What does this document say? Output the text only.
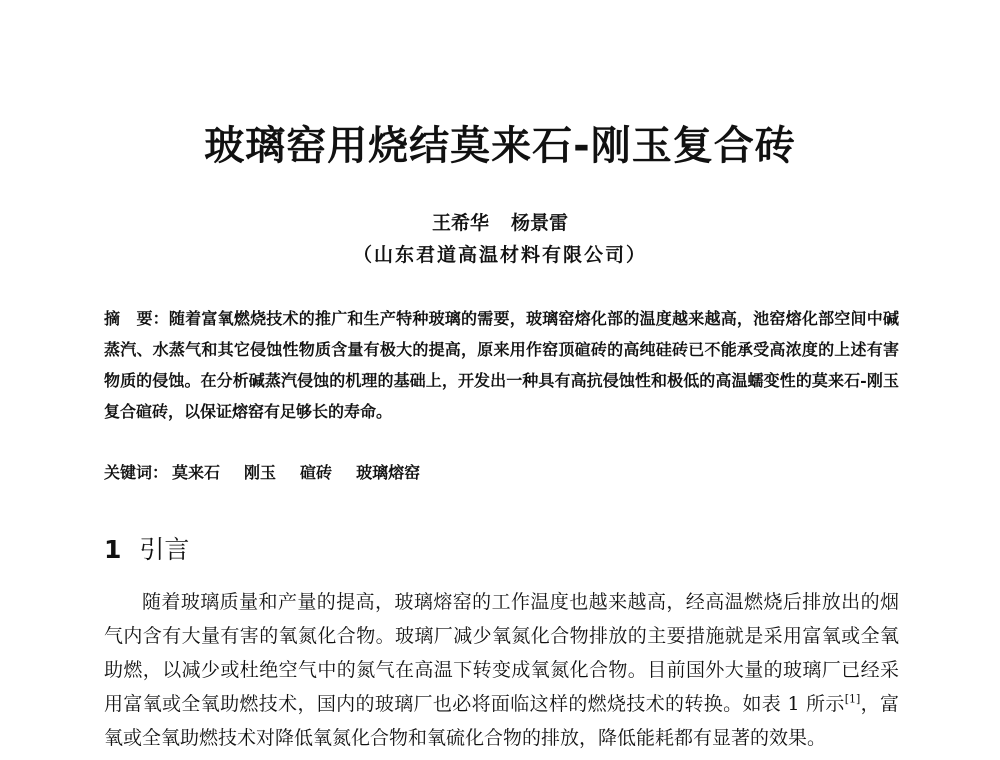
玻璃窑用烧结莫来石-刚玉复合砖
王希华 杨景雷
（山东君道高温材料有限公司）

摘　要：随着富氧燃烧技术的推广和生产特种玻璃的需要，玻璃窑熔化部的温度越来越高，池窑熔化部空间中碱蒸汽、水蒸气和其它侵蚀性物质含量有极大的提高，原来用作窑顶碹砖的高纯硅砖已不能承受高浓度的上述有害物质的侵蚀。在分析碱蒸汽侵蚀的机理的基础上，开发出一种具有高抗侵蚀性和极低的高温蠕变性的莫来石-刚玉复合碹砖，以保证熔窑有足够长的寿命。

关键词： 莫来石 刚玉 碹砖 玻璃熔窑

1 引言

随着玻璃质量和产量的提高，玻璃熔窑的工作温度也越来越高，经高温燃烧后排放出的烟气内含有大量有害的氧氮化合物。玻璃厂减少氧氮化合物排放的主要措施就是采用富氧或全氧助燃，以减少或杜绝空气中的氮气在高温下转变成氧氮化合物。目前国外大量的玻璃厂已经采用富氧或全氧助燃技术，国内的玻璃厂也必将面临这样的燃烧技术的转换。如表 1 所示[1]，富氧或全氧助燃技术对降低氧氮化合物和氧硫化合物的排放，降低能耗都有显著的效果。
